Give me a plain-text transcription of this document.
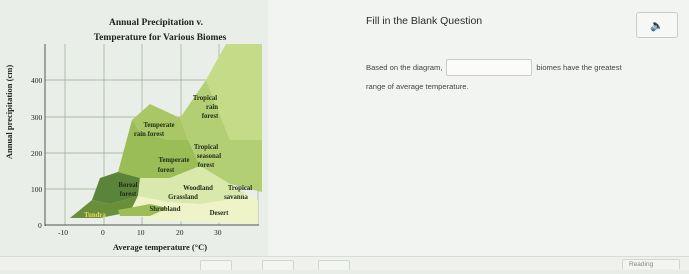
Annual Precipitation v.
Temperature for Various Biomes
400
300
200
100
0
-10	0	10	20	30
Annual precipitation (cm)
Average temperature (°C)
Tropical
rain
forest
Temperate
rain forest
Tropical
seasonal
forest
Temperate
forest
Boreal
forest
Woodland
Grassland
Shrubland
Tropical
savanna
Tundra	Desert
Fill in the Blank Question	🔈
Based on the diagram,	biomes have the greatest
range of average temperature.
Reading
